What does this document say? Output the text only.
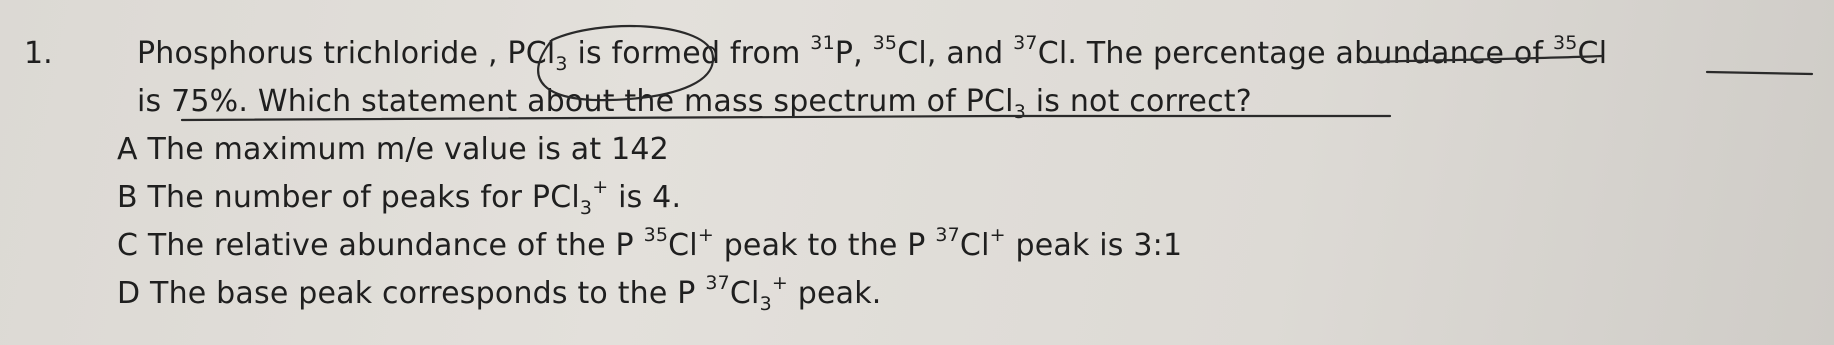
1.	Phosphorus trichloride , PCl$_3$ is formed from $^{31}$P, $^{35}$Cl, and $^{37}$Cl. The percentage abundance of $^{35}$Cl
is 75%. Which statement about the mass spectrum of PCl$_3$ is not correct?
A The maximum m/e value is at 142
B The number of peaks for PCl$_3$+ is 4.
C The relative abundance of the P $^{35}$Cl+ peak to the P $^{37}$Cl+ peak is 3:1
D The base peak corresponds to the P $^{37}Cl_3^+$ peak.
